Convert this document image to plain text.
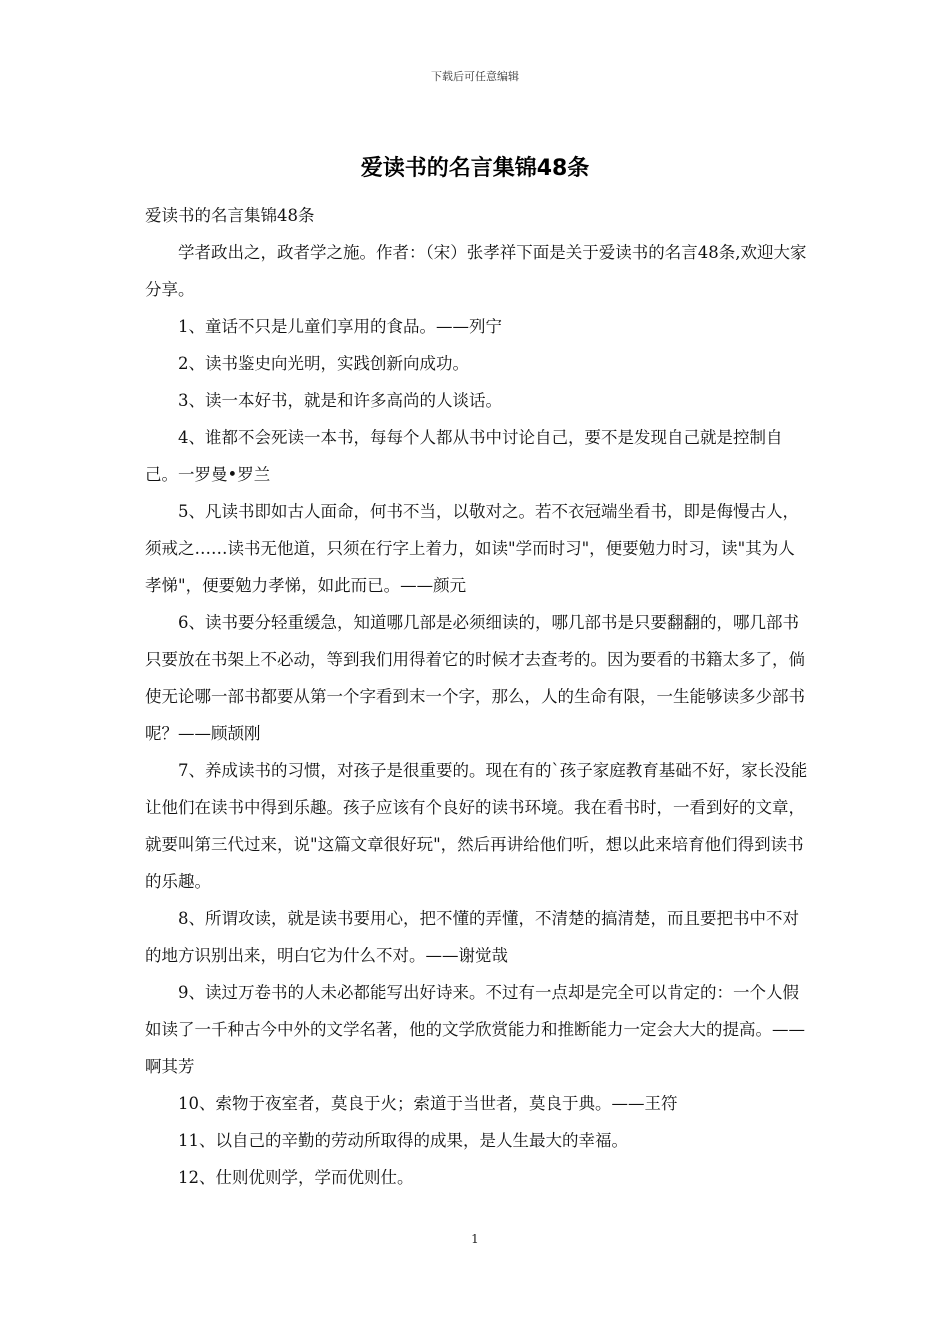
下载后可任意编辑
爱读书的名言集锦48条

爱读书的名言集锦48条

学者政出之，政者学之施。作者：（宋）张孝祥下面是关于爱读书的名言48条,欢迎大家分享。

1、童话不只是儿童们享用的食品。——列宁

2、读书鉴史向光明，实践创新向成功。

3、读一本好书，就是和许多高尚的人谈话。

4、谁都不会死读一本书，每每个人都从书中讨论自己，要不是发现自己就是控制自己。一罗曼•罗兰

5、凡读书即如古人面命，何书不当，以敬对之。若不衣冠端坐看书，即是侮慢古人，须戒之……读书无他道，只须在行字上着力，如读"学而时习"，便要勉力时习，读"其为人孝悌"，便要勉力孝悌，如此而已。——颜元

6、读书要分轻重缓急，知道哪几部是必须细读的，哪几部书是只要翻翻的，哪几部书只要放在书架上不必动，等到我们用得着它的时候才去查考的。因为要看的书籍太多了，倘使无论哪一部书都要从第一个字看到末一个字，那么，人的生命有限，一生能够读多少部书呢？——顾颉刚

7、养成读书的习惯，对孩子是很重要的。现在有的`孩子家庭教育基础不好，家长没能让他们在读书中得到乐趣。孩子应该有个良好的读书环境。我在看书时，一看到好的文章，就要叫第三代过来，说"这篇文章很好玩"，然后再讲给他们听，想以此来培育他们得到读书的乐趣。

8、所谓攻读，就是读书要用心，把不懂的弄懂，不清楚的搞清楚，而且要把书中不对的地方识别出来，明白它为什么不对。——谢觉哉

9、读过万卷书的人未必都能写出好诗来。不过有一点却是完全可以肯定的：一个人假如读了一千种古今中外的文学名著，他的文学欣赏能力和推断能力一定会大大的提高。——啊其芳

10、索物于夜室者，莫良于火；索道于当世者，莫良于典。——王符

11、以自己的辛勤的劳动所取得的成果，是人生最大的幸福。

12、仕则优则学，学而优则仕。

1
